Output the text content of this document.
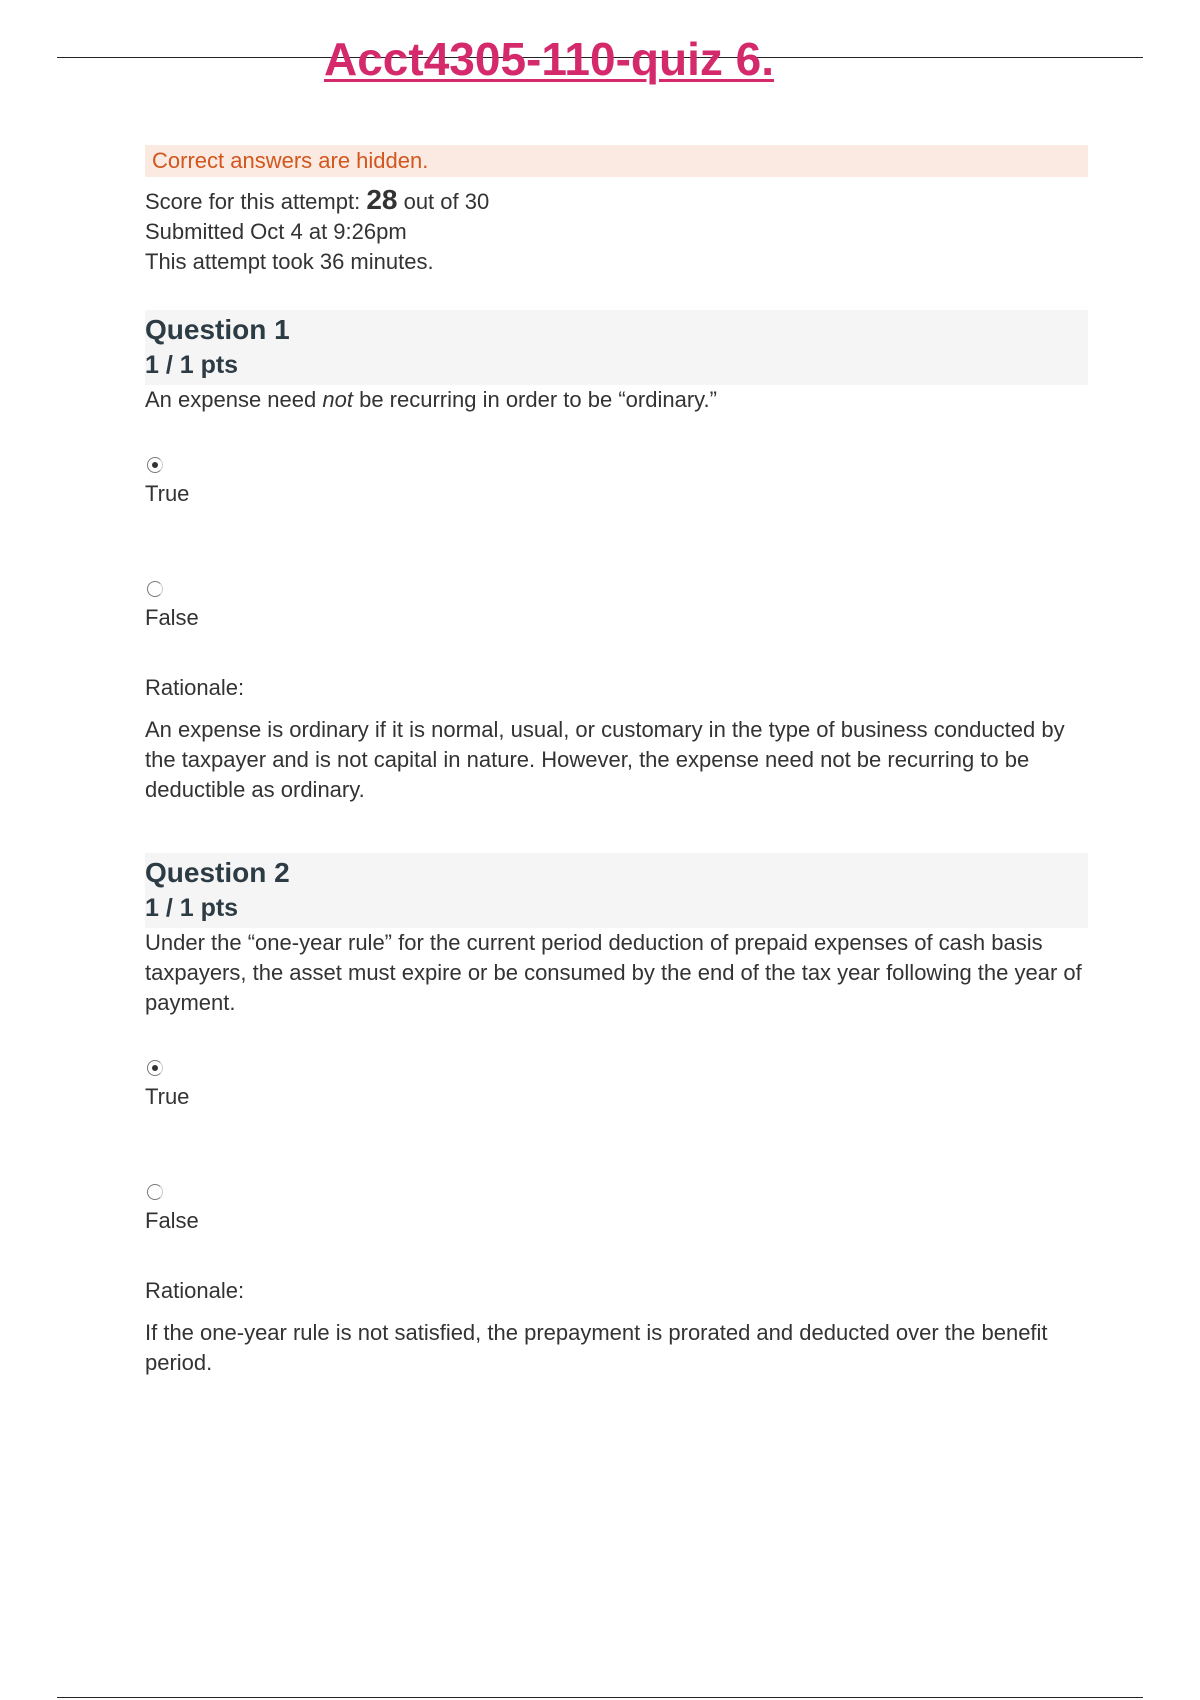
Acct4305-110-quiz 6.
Correct answers are hidden.
Score for this attempt: 28 out of 30
Submitted Oct 4 at 9:26pm
This attempt took 36 minutes.
Question 1
1 / 1 pts
An expense need not be recurring in order to be “ordinary.”
True
False
Rationale:
An expense is ordinary if it is normal, usual, or customary in the type of business conducted by the taxpayer and is not capital in nature. However, the expense need not be recurring to be deductible as ordinary.
Question 2
1 / 1 pts
Under the “one-year rule” for the current period deduction of prepaid expenses of cash basis taxpayers, the asset must expire or be consumed by the end of the tax year following the year of payment.
True
False
Rationale:
If the one-year rule is not satisfied, the prepayment is prorated and deducted over the benefit period.
